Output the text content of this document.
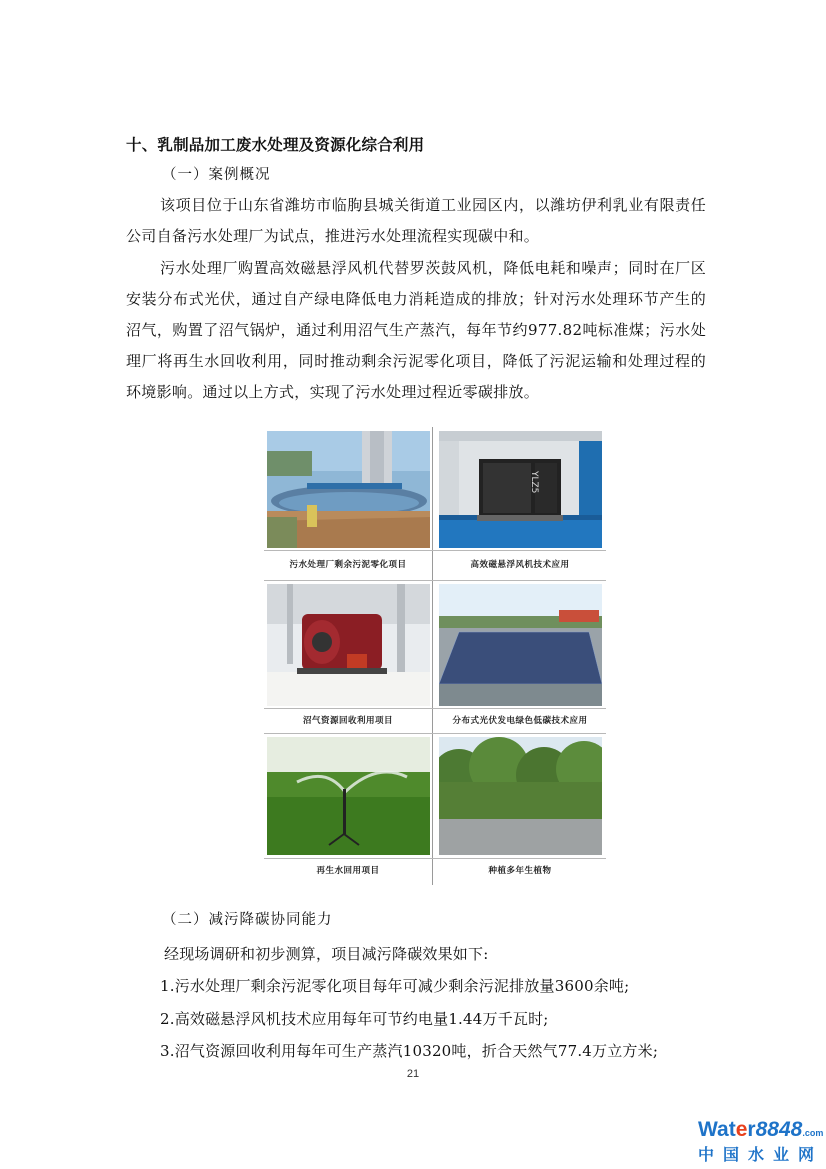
十、乳制品加工废水处理及资源化综合利用
（一）案例概况
该项目位于山东省潍坊市临朐县城关街道工业园区内，以潍坊伊利乳业有限责任公司自备污水处理厂为试点，推进污水处理流程实现碳中和。
污水处理厂购置高效磁悬浮风机代替罗茨鼓风机，降低电耗和噪声；同时在厂区安装分布式光伏，通过自产绿电降低电力消耗造成的排放；针对污水处理环节产生的沼气，购置了沼气锅炉，通过利用沼气生产蒸汽，每年节约977.82吨标准煤；污水处理厂将再生水回收利用，同时推动剩余污泥零化项目，降低了污泥运输和处理过程的环境影响。通过以上方式，实现了污水处理过程近零碳排放。
YLZ5
污水处理厂剩余污泥零化项目	高效磁悬浮风机技术应用
沼气资源回收利用项目	分布式光伏发电绿色低碳技术应用
再生水回用项目	种植多年生植物
（二）减污降碳协同能力
经现场调研和初步测算，项目减污降碳效果如下:
1.污水处理厂剩余污泥零化项目每年可减少剩余污泥排放量3600余吨;
2.高效磁悬浮风机技术应用每年可节约电量1.44万千瓦时;
3.沼气资源回收利用每年可生产蒸汽10320吨，折合天然气77.4万立方米;
21
Water8848.com
中国水业网
